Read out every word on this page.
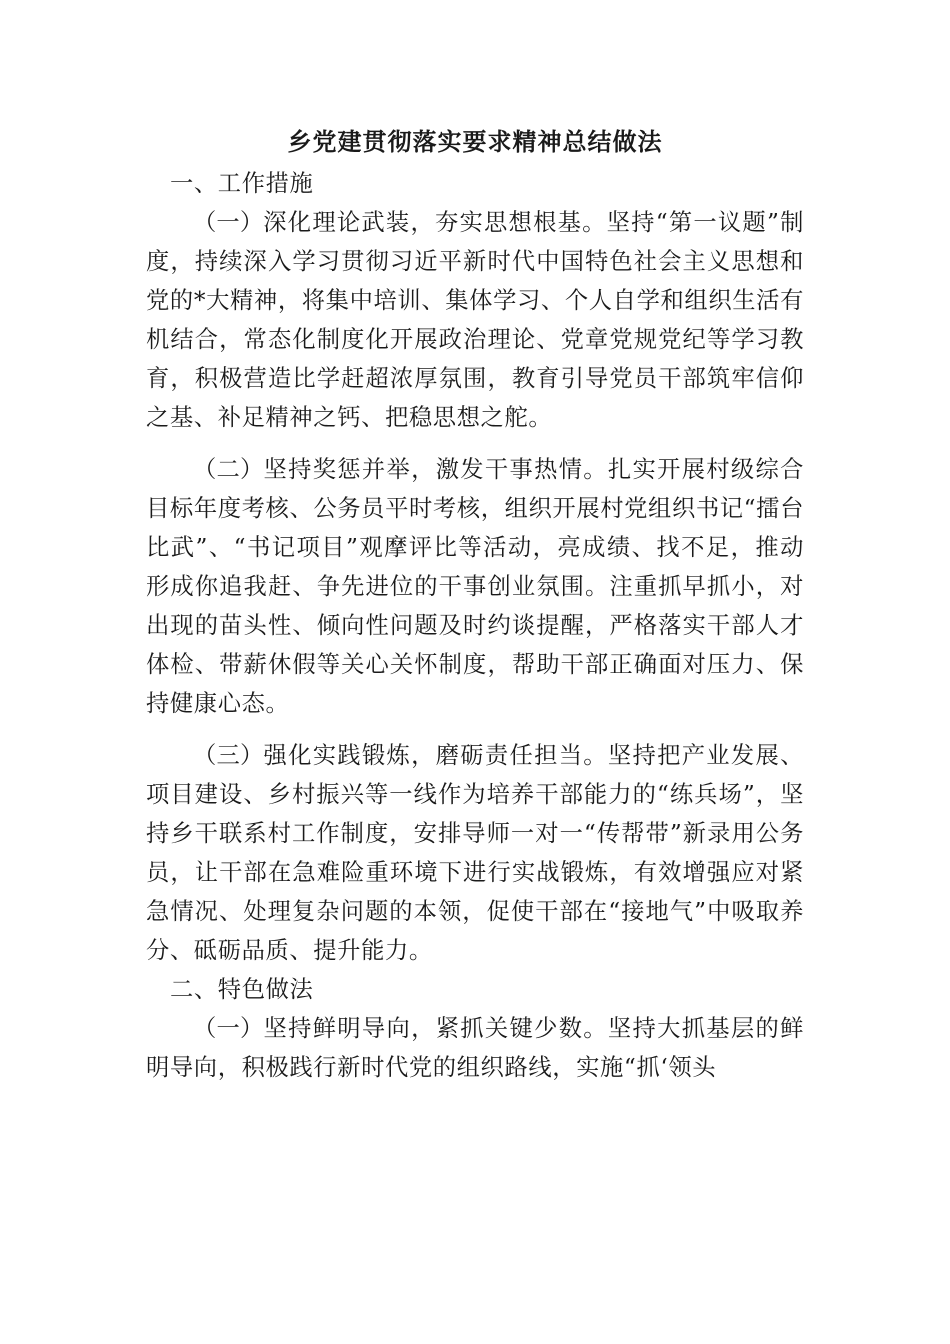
乡党建贯彻落实要求精神总结做法

一、工作措施

（一）深化理论武装，夯实思想根基。坚持“第一议题”制度，持续深入学习贯彻习近平新时代中国特色社会主义思想和党的*大精神，将集中培训、集体学习、个人自学和组织生活有机结合，常态化制度化开展政治理论、党章党规党纪等学习教育，积极营造比学赶超浓厚氛围，教育引导党员干部筑牢信仰之基、补足精神之钙、把稳思想之舵。

（二）坚持奖惩并举，激发干事热情。扎实开展村级综合目标年度考核、公务员平时考核，组织开展村党组织书记“擂台比武”、“书记项目”观摩评比等活动，亮成绩、找不足，推动形成你追我赶、争先进位的干事创业氛围。注重抓早抓小，对出现的苗头性、倾向性问题及时约谈提醒，严格落实干部人才体检、带薪休假等关心关怀制度，帮助干部正确面对压力、保持健康心态。

（三）强化实践锻炼，磨砺责任担当。坚持把产业发展、项目建设、乡村振兴等一线作为培养干部能力的“练兵场”，坚持乡干联系村工作制度，安排导师一对一“传帮带”新录用公务员，让干部在急难险重环境下进行实战锻炼，有效增强应对紧急情况、处理复杂问题的本领，促使干部在“接地气”中吸取养分、砥砺品质、提升能力。

二、特色做法

（一）坚持鲜明导向，紧抓关键少数。坚持大抓基层的鲜明导向，积极践行新时代党的组织路线，实施“抓‘领头
